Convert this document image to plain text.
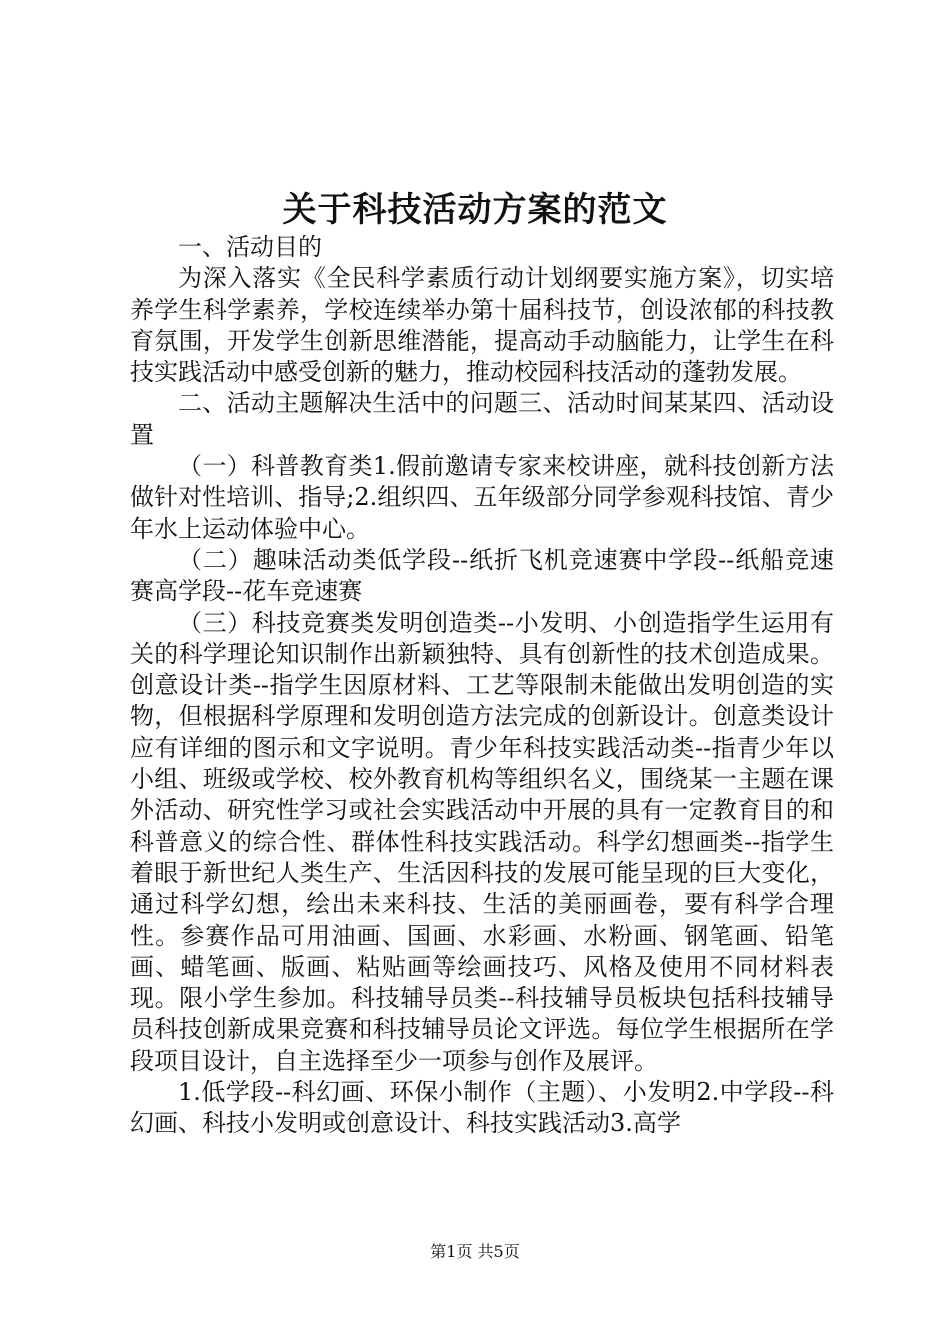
关于科技活动方案的范文

一、活动目的

为深入落实《全民科学素质行动计划纲要实施方案》，切实培养学生科学素养，学校连续举办第十届科技节，创设浓郁的科技教育氛围，开发学生创新思维潜能，提高动手动脑能力，让学生在科技实践活动中感受创新的魅力，推动校园科技活动的蓬勃发展。

二、活动主题解决生活中的问题三、活动时间某某四、活动设置

（一）科普教育类1.假前邀请专家来校讲座，就科技创新方法做针对性培训、指导;2.组织四、五年级部分同学参观科技馆、青少年水上运动体验中心。

（二）趣味活动类低学段--纸折飞机竞速赛中学段--纸船竞速赛高学段--花车竞速赛

（三）科技竞赛类发明创造类--小发明、小创造指学生运用有关的科学理论知识制作出新颖独特、具有创新性的技术创造成果。创意设计类--指学生因原材料、工艺等限制未能做出发明创造的实物，但根据科学原理和发明创造方法完成的创新设计。创意类设计应有详细的图示和文字说明。青少年科技实践活动类--指青少年以小组、班级或学校、校外教育机构等组织名义，围绕某一主题在课外活动、研究性学习或社会实践活动中开展的具有一定教育目的和科普意义的综合性、群体性科技实践活动。科学幻想画类--指学生着眼于新世纪人类生产、生活因科技的发展可能呈现的巨大变化，通过科学幻想，绘出未来科技、生活的美丽画卷，要有科学合理性。参赛作品可用油画、国画、水彩画、水粉画、钢笔画、铅笔画、蜡笔画、版画、粘贴画等绘画技巧、风格及使用不同材料表现。限小学生参加。科技辅导员类--科技辅导员板块包括科技辅导员科技创新成果竞赛和科技辅导员论文评选。每位学生根据所在学段项目设计，自主选择至少一项参与创作及展评。

1.低学段--科幻画、环保小制作（主题）、小发明2.中学段--科幻画、科技小发明或创意设计、科技实践活动3.高学

第1页 共5页
